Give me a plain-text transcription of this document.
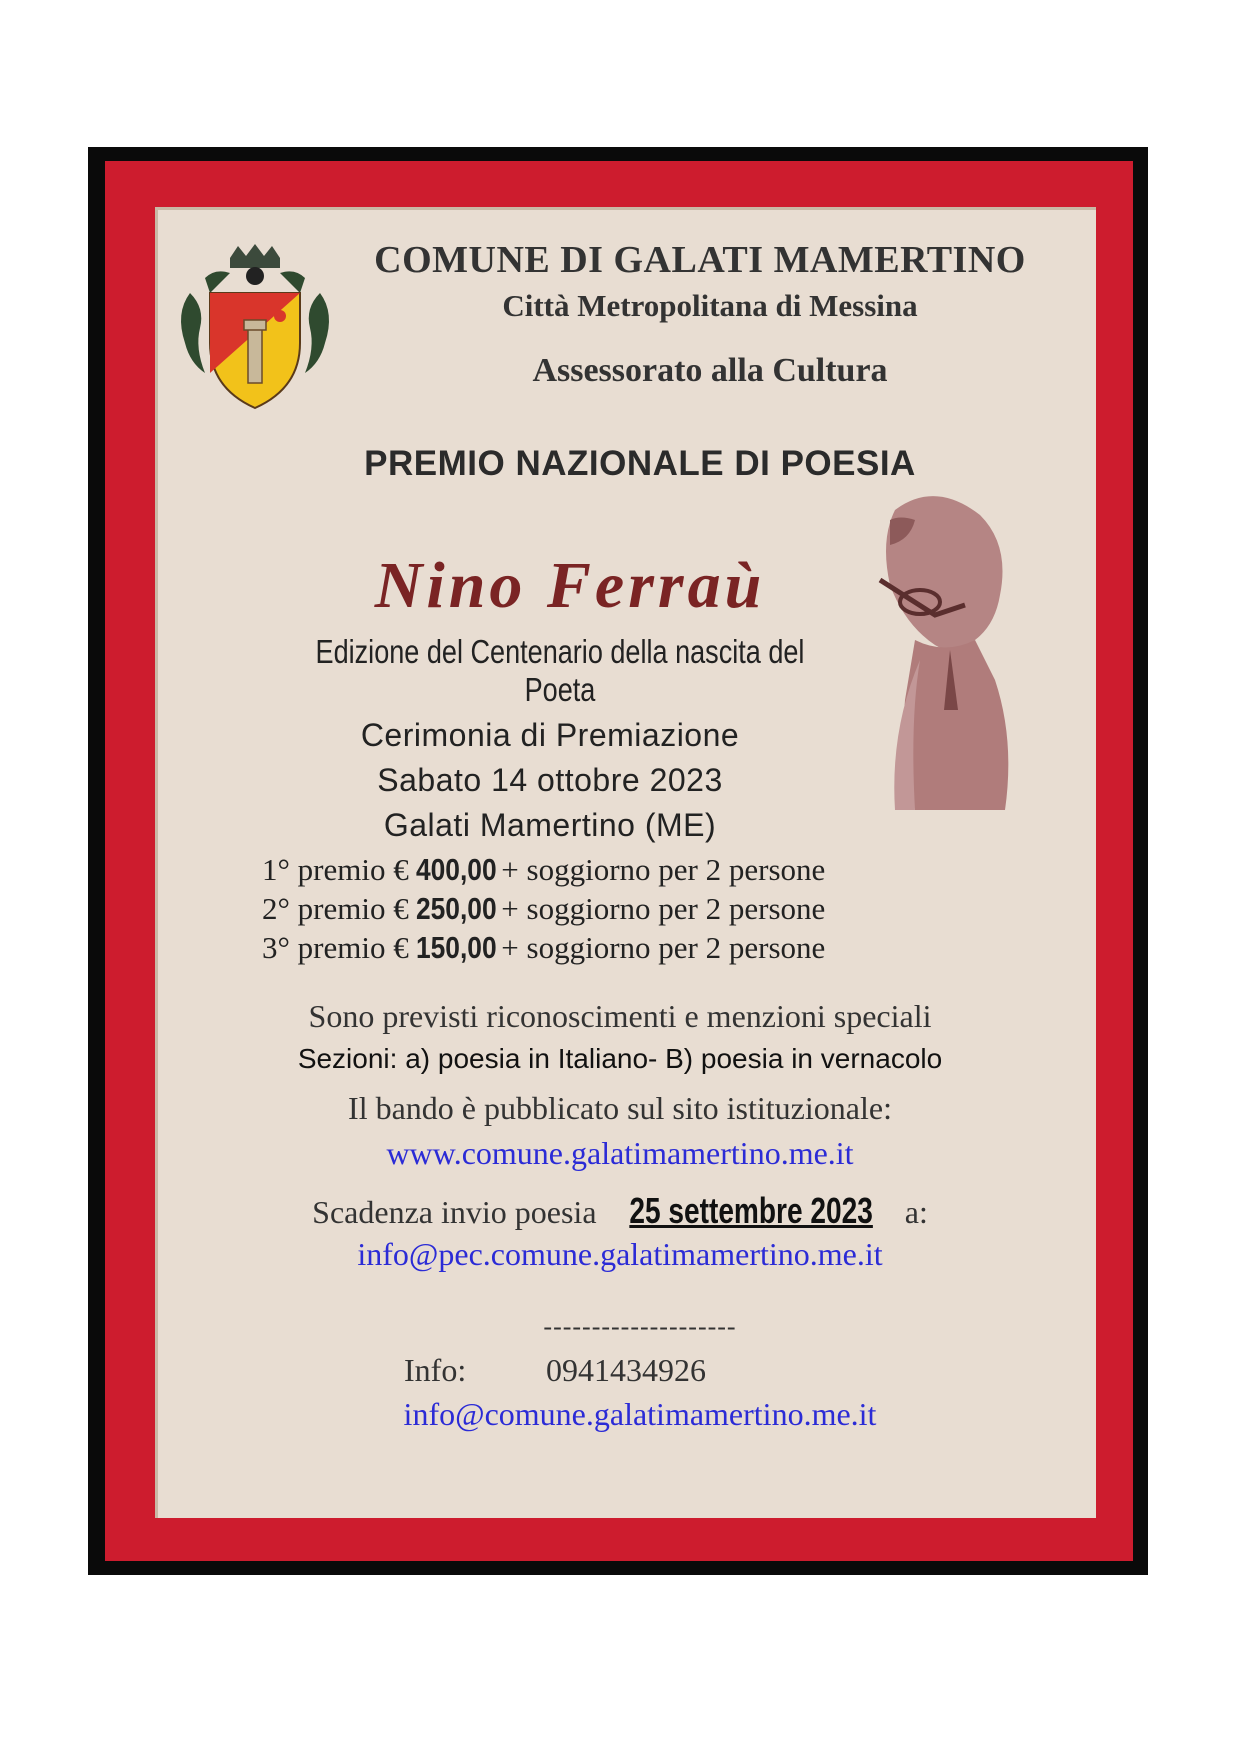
COMUNE DI GALATI MAMERTINO
Città Metropolitana di Messina
Assessorato alla Cultura
PREMIO NAZIONALE DI POESIA
Nino Ferraù
Edizione del Centenario della nascita del Poeta
Cerimonia di Premiazione
Sabato 14 ottobre 2023
Galati Mamertino (ME)
1° premio € 400,00 + soggiorno per 2 persone
2° premio € 250,00 + soggiorno per 2 persone
3° premio € 150,00 + soggiorno per 2 persone
Sono previsti riconoscimenti e menzioni speciali
Sezioni: a) poesia in Italiano- B) poesia in vernacolo
Il bando è pubblicato sul sito istituzionale:
www.comune.galatimamertino.me.it
Scadenza invio poesia 25 settembre 2023 a:
info@pec.comune.galatimamertino.me.it
--------------------
Info: 0941434926
info@comune.galatimamertino.me.it
